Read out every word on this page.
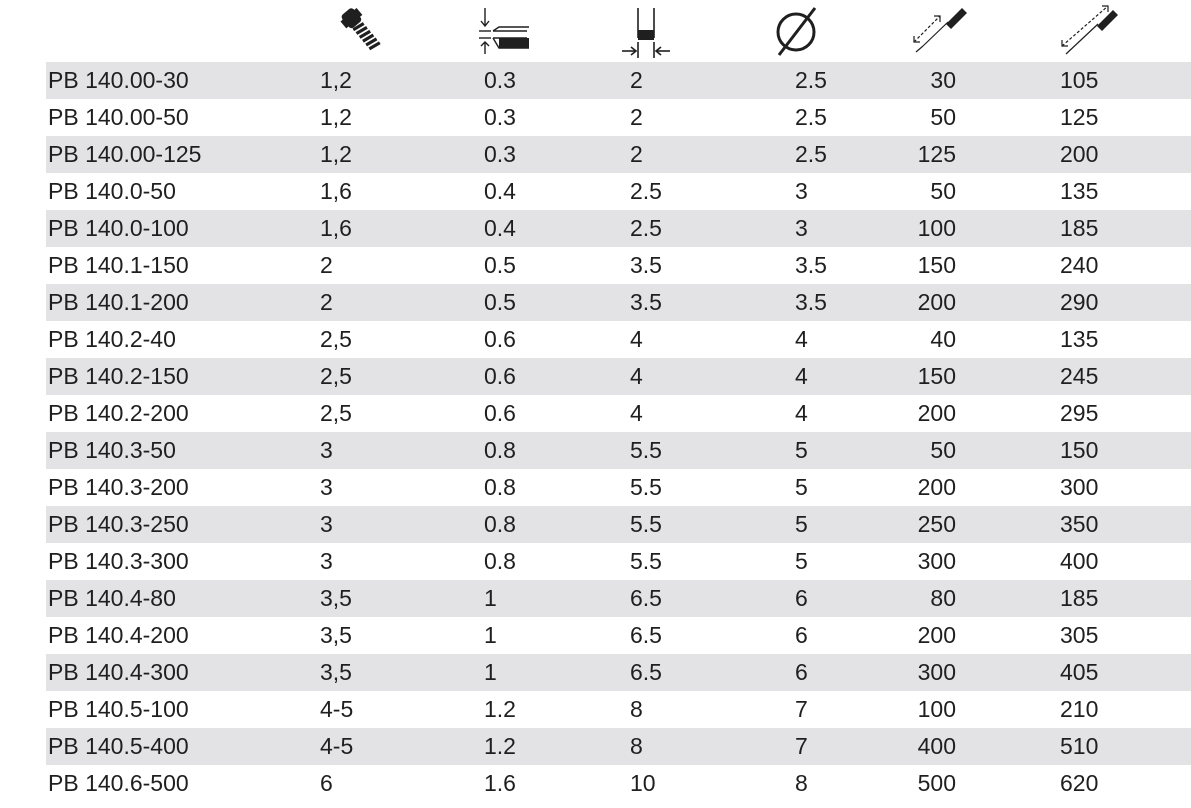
PB 140.00-30	1,2	0.3	2	2.5	30	105
PB 140.00-50	1,2	0.3	2	2.5	50	125
PB 140.00-125	1,2	0.3	2	2.5	125	200
PB 140.0-50	1,6	0.4	2.5	3	50	135
PB 140.0-100	1,6	0.4	2.5	3	100	185
PB 140.1-150	2	0.5	3.5	3.5	150	240
PB 140.1-200	2	0.5	3.5	3.5	200	290
PB 140.2-40	2,5	0.6	4	4	40	135
PB 140.2-150	2,5	0.6	4	4	150	245
PB 140.2-200	2,5	0.6	4	4	200	295
PB 140.3-50	3	0.8	5.5	5	50	150
PB 140.3-200	3	0.8	5.5	5	200	300
PB 140.3-250	3	0.8	5.5	5	250	350
PB 140.3-300	3	0.8	5.5	5	300	400
PB 140.4-80	3,5	1	6.5	6	80	185
PB 140.4-200	3,5	1	6.5	6	200	305
PB 140.4-300	3,5	1	6.5	6	300	405
PB 140.5-100	4-5	1.2	8	7	100	210
PB 140.5-400	4-5	1.2	8	7	400	510
PB 140.6-500	6	1.6	10	8	500	620
